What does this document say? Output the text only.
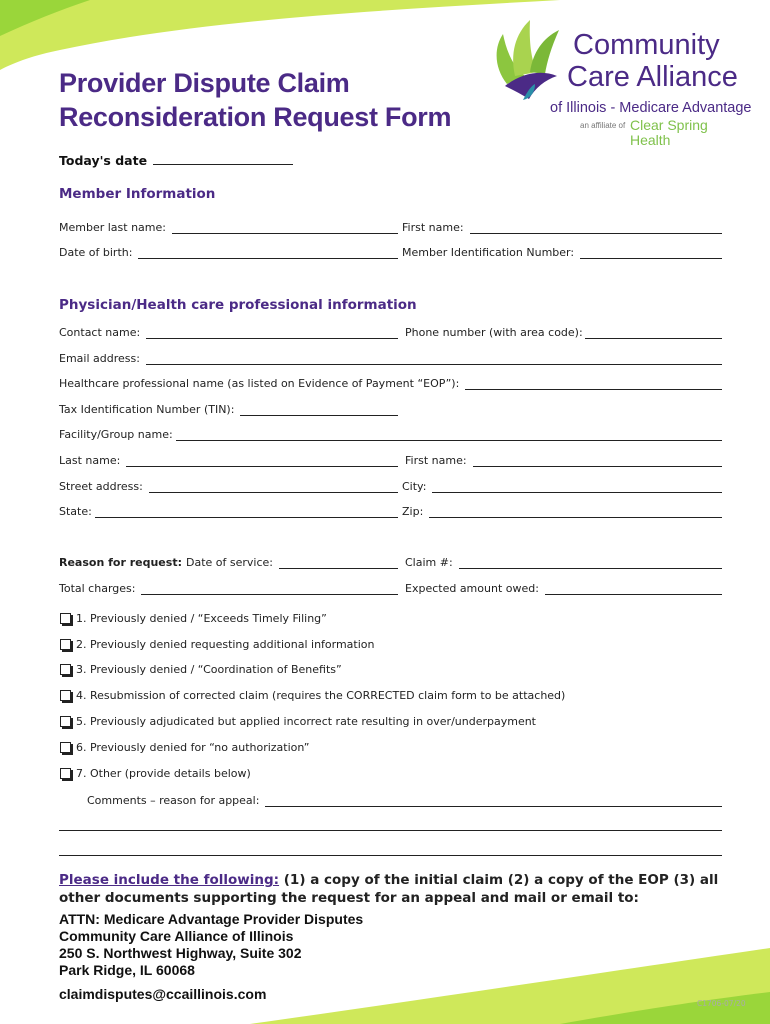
Provider Dispute Claim
Reconsideration Request Form
Community
Care Alliance
of Illinois - Medicare Advantage
an affiliate of Clear Spring
Health
Today's date
Member Information
Member last name:	First name:
Date of birth:	Member Identification Number:
Physician/Health care professional information
Contact name:	Phone number (with area code):
Email address:
Healthcare professional name (as listed on Evidence of Payment “EOP”):
Tax Identification Number (TIN):
Facility/Group name:
Last name:	First name:
Street address:	City:
State:	Zip:
Reason for request: Date of service:	Claim #:
Total charges:	Expected amount owed:
1. Previously denied / “Exceeds Timely Filing”
2. Previously denied requesting additional information
3. Previously denied / “Coordination of Benefits”
4. Resubmission of corrected claim (requires the CORRECTED claim form to be attached)
5. Previously adjudicated but applied incorrect rate resulting in over/underpayment
6. Previously denied for “no authorization”
7. Other (provide details below)
Comments – reason for appeal:
Please include the following: (1) a copy of the initial claim (2) a copy of the EOP (3) all
other documents supporting the request for an appeal and mail or email to:
ATTN: Medicare Advantage Provider Disputes
Community Care Alliance of Illinois
250 S. Northwest Highway, Suite 302
Park Ridge, IL 60068
claimdisputes@ccaillinois.com
C1706-07/20
